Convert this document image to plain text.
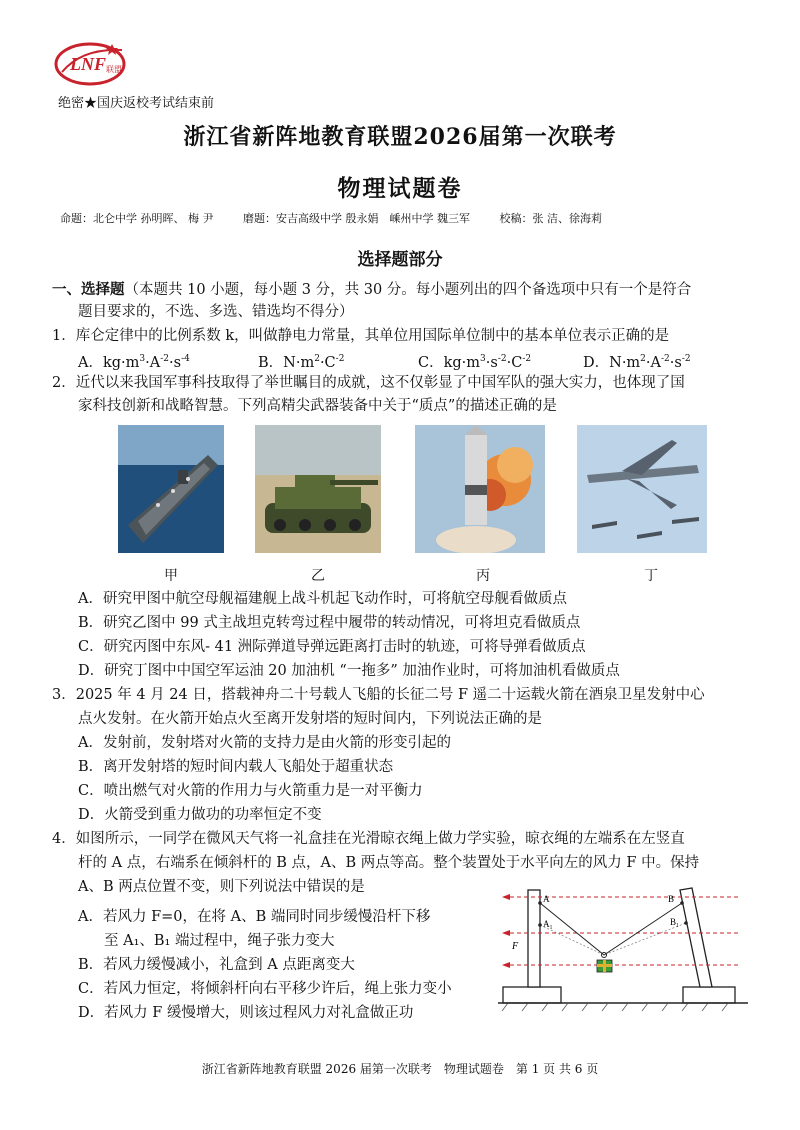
LNF 联盟
绝密★国庆返校考试结束前
浙江省新阵地教育联盟2026届第一次联考
物理试题卷
命题：北仑中学 孙明晖、 梅 尹	磨题：安吉高级中学 殷永娟　嵊州中学 魏三军	校稿：张 洁、徐海莉
选择题部分
一、选择题（本题共 10 小题，每小题 3 分，共 30 分。每小题列出的四个备选项中只有一个是符合
题目要求的，不选、多选、错选均不得分）
1．库仑定律中的比例系数 k，叫做静电力常量，其单位用国际单位制中的基本单位表示正确的是
A．$kg\cdot m^3\cdot A^{-2}\cdot s^{-4}$	B．$N\cdot m^2\cdot C^{-2}$	C．$kg\cdot m^3\cdot s^{-2}\cdot C^{-2}$	D．$N\cdot m^2\cdot A^{-2}\cdot s^{-2}$
2．近代以来我国军事科技取得了举世瞩目的成就，这不仅彰显了中国军队的强大实力，也体现了国
家科技创新和战略智慧。下列高精尖武器装备中关于“质点”的描述正确的是
甲	乙	丙	丁
A．研究甲图中航空母舰福建舰上战斗机起飞动作时，可将航空母舰看做质点
B．研究乙图中 99 式主战坦克转弯过程中履带的转动情况，可将坦克看做质点
C．研究丙图中东风- 41 洲际弹道导弹远距离打击时的轨迹，可将导弹看做质点
D．研究丁图中中国空军运油 20 加油机 “一拖多” 加油作业时，可将加油机看做质点
3．2025 年 4 月 24 日，搭载神舟二十号载人飞船的长征二号 F 遥二十运载火箭在酒泉卫星发射中心
点火发射。在火箭开始点火至离开发射塔的短时间内，下列说法正确的是
A．发射前，发射塔对火箭的支持力是由火箭的形变引起的
B．离开发射塔的短时间内载人飞船处于超重状态
C．喷出燃气对火箭的作用力与火箭重力是一对平衡力
D．火箭受到重力做功的功率恒定不变
4．如图所示，一同学在微风天气将一礼盒挂在光滑晾衣绳上做力学实验，晾衣绳的左端系在左竖直
杆的 A 点，右端系在倾斜杆的 B 点，A、B 两点等高。整个装置处于水平向左的风力 F 中。保持
A、B 两点位置不变，则下列说法中错误的是
A．若风力 F=0，在将 A、B 端同时同步缓慢沿杆下移
至 A₁、B₁ 端过程中，绳子张力变大
B．若风力缓慢减小，礼盒到 A 点距离变大
C．若风力恒定，将倾斜杆向右平移少许后，绳上张力变小
D．若风力 F 缓慢增大，则该过程风力对礼盒做正功
A
A₁
B
B₁
F
浙江省新阵地教育联盟 2026 届第一次联考　物理试题卷　第 1 页 共 6 页
